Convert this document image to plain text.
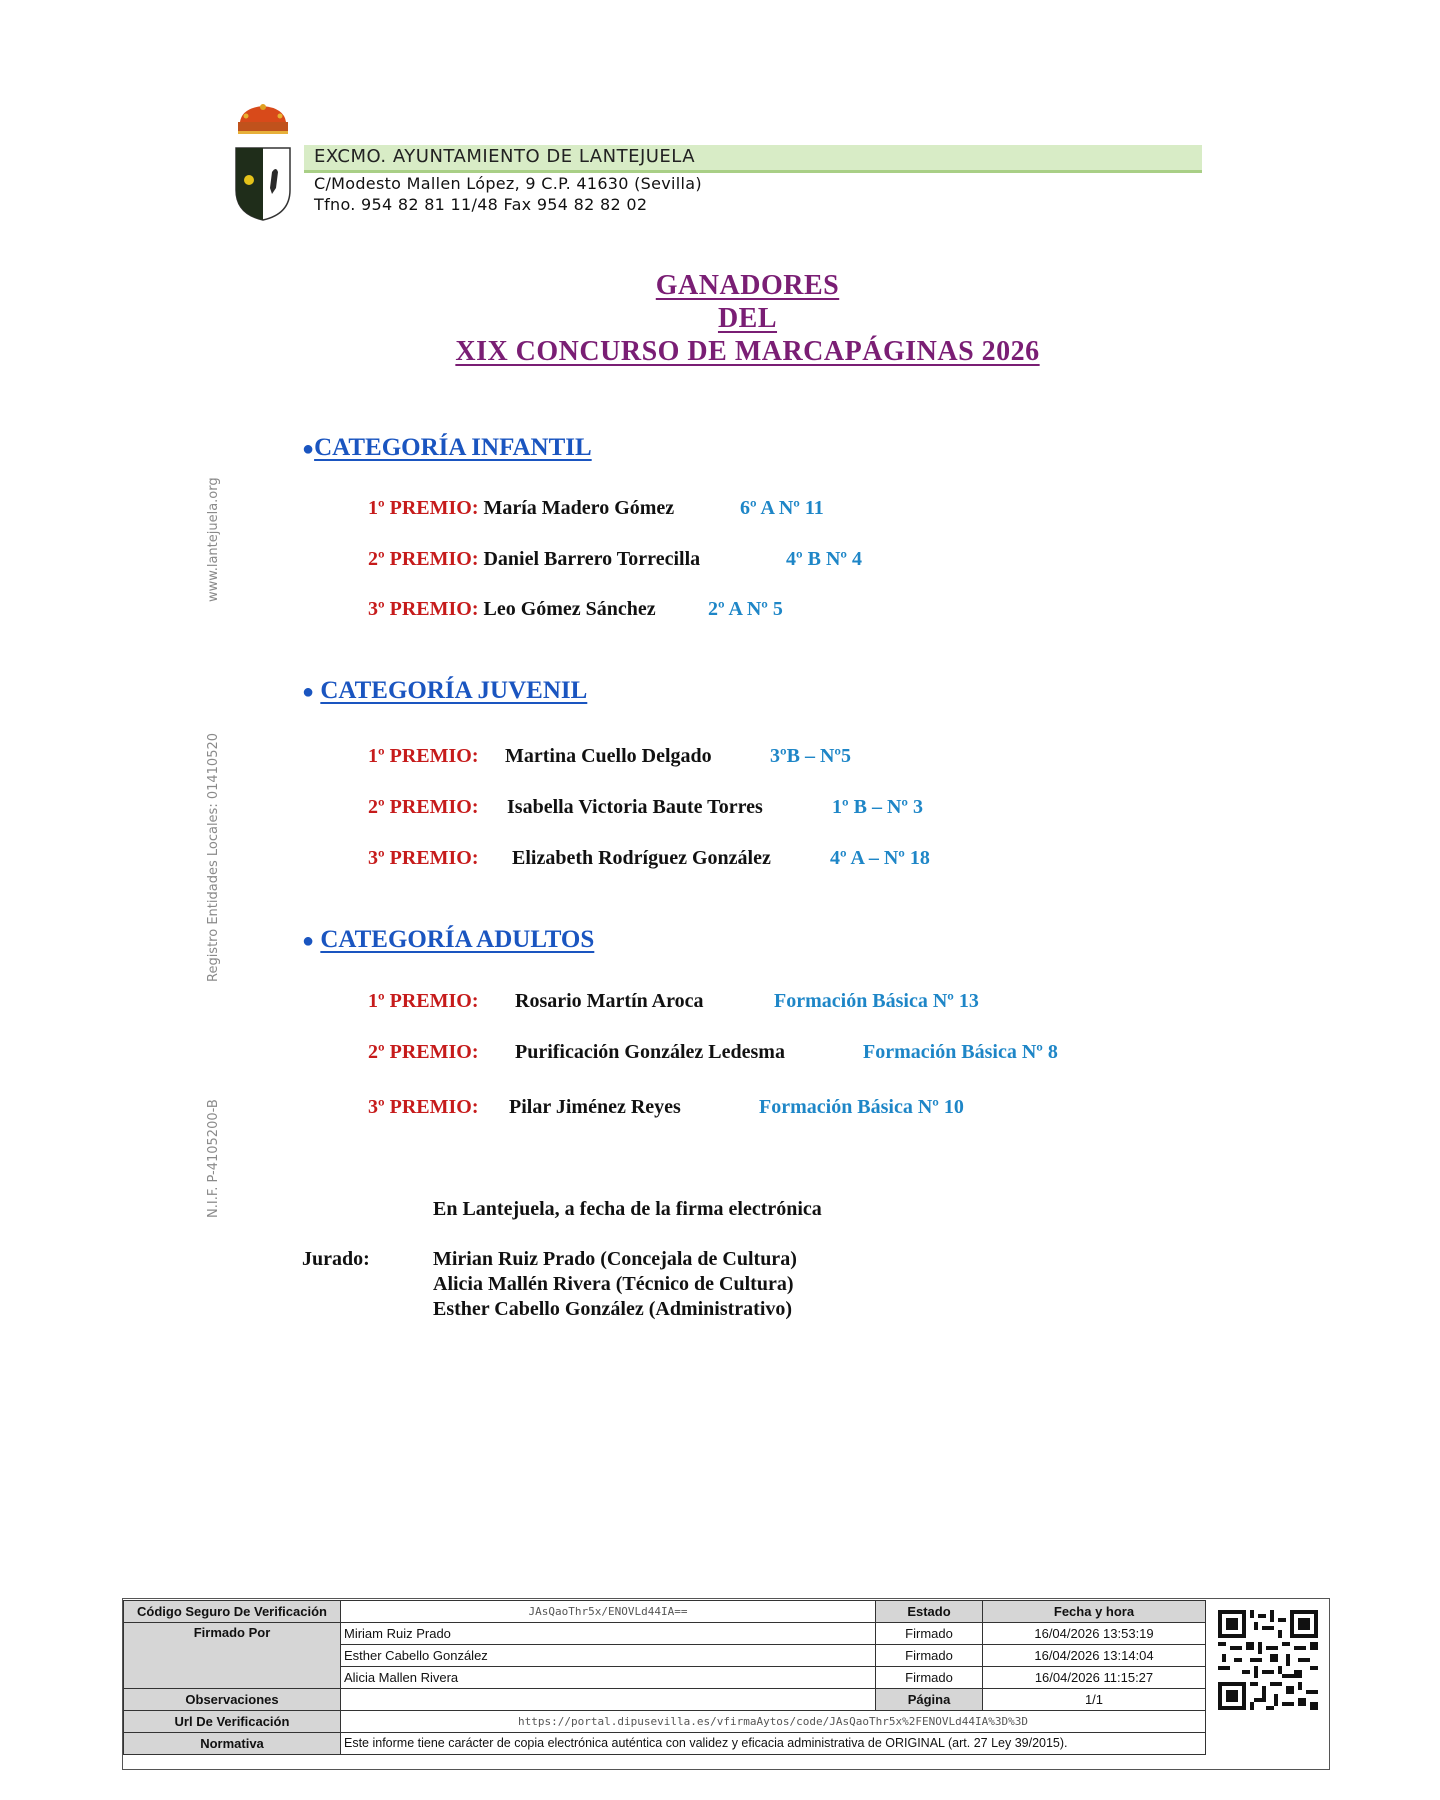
EXCMO. AYUNTAMIENTO DE LANTEJUELA
C/Modesto Mallen López, 9 C.P. 41630 (Sevilla)
Tfno. 954 82 81 11/48 Fax 954 82 82 02
www.lantejuela.org
Registro Entidades Locales: 01410520
N.I.F. P-4105200-B
GANADORES
DEL
XIX CONCURSO DE MARCAPÁGINAS 2026
●CATEGORÍA INFANTIL
1º PREMIO: María Madero Gómez	6º A Nº 11
2º PREMIO: Daniel Barrero Torrecilla	4º B Nº 4
3º PREMIO: Leo Gómez Sánchez	2º A Nº 5
● CATEGORÍA JUVENIL
1º PREMIO: Martina Cuello Delgado	3ºB – Nº5
2º PREMIO: Isabella Victoria Baute Torres	1º B – Nº 3
3º PREMIO: Elizabeth Rodríguez González	4º A – Nº 18
● CATEGORÍA ADULTOS
1º PREMIO: Rosario Martín Aroca	Formación Básica Nº 13
2º PREMIO: Purificación González Ledesma	Formación Básica Nº 8
3º PREMIO: Pilar Jiménez Reyes	Formación Básica Nº 10
En Lantejuela, a fecha de la firma electrónica
Jurado:	Mirian Ruiz Prado (Concejala de Cultura)
Alicia Mallén Rivera (Técnico de Cultura)
Esther Cabello González (Administrativo)
Código Seguro De Verificación	JAsQaoThr5x/ENOVLd44IA==	Estado	Fecha y hora
Firmado Por	Miriam Ruiz Prado	Firmado	16/04/2026 13:53:19
	Esther Cabello González	Firmado	16/04/2026 13:14:04
	Alicia Mallen Rivera	Firmado	16/04/2026 11:15:27
Observaciones		Página	1/1
Url De Verificación	https://portal.dipusevilla.es/vfirmaAytos/code/JAsQaoThr5x%2FENOVLd44IA%3D%3D		
Normativa	Este informe tiene carácter de copia electrónica auténtica con validez y eficacia administrativa de ORIGINAL (art. 27 Ley 39/2015).		
